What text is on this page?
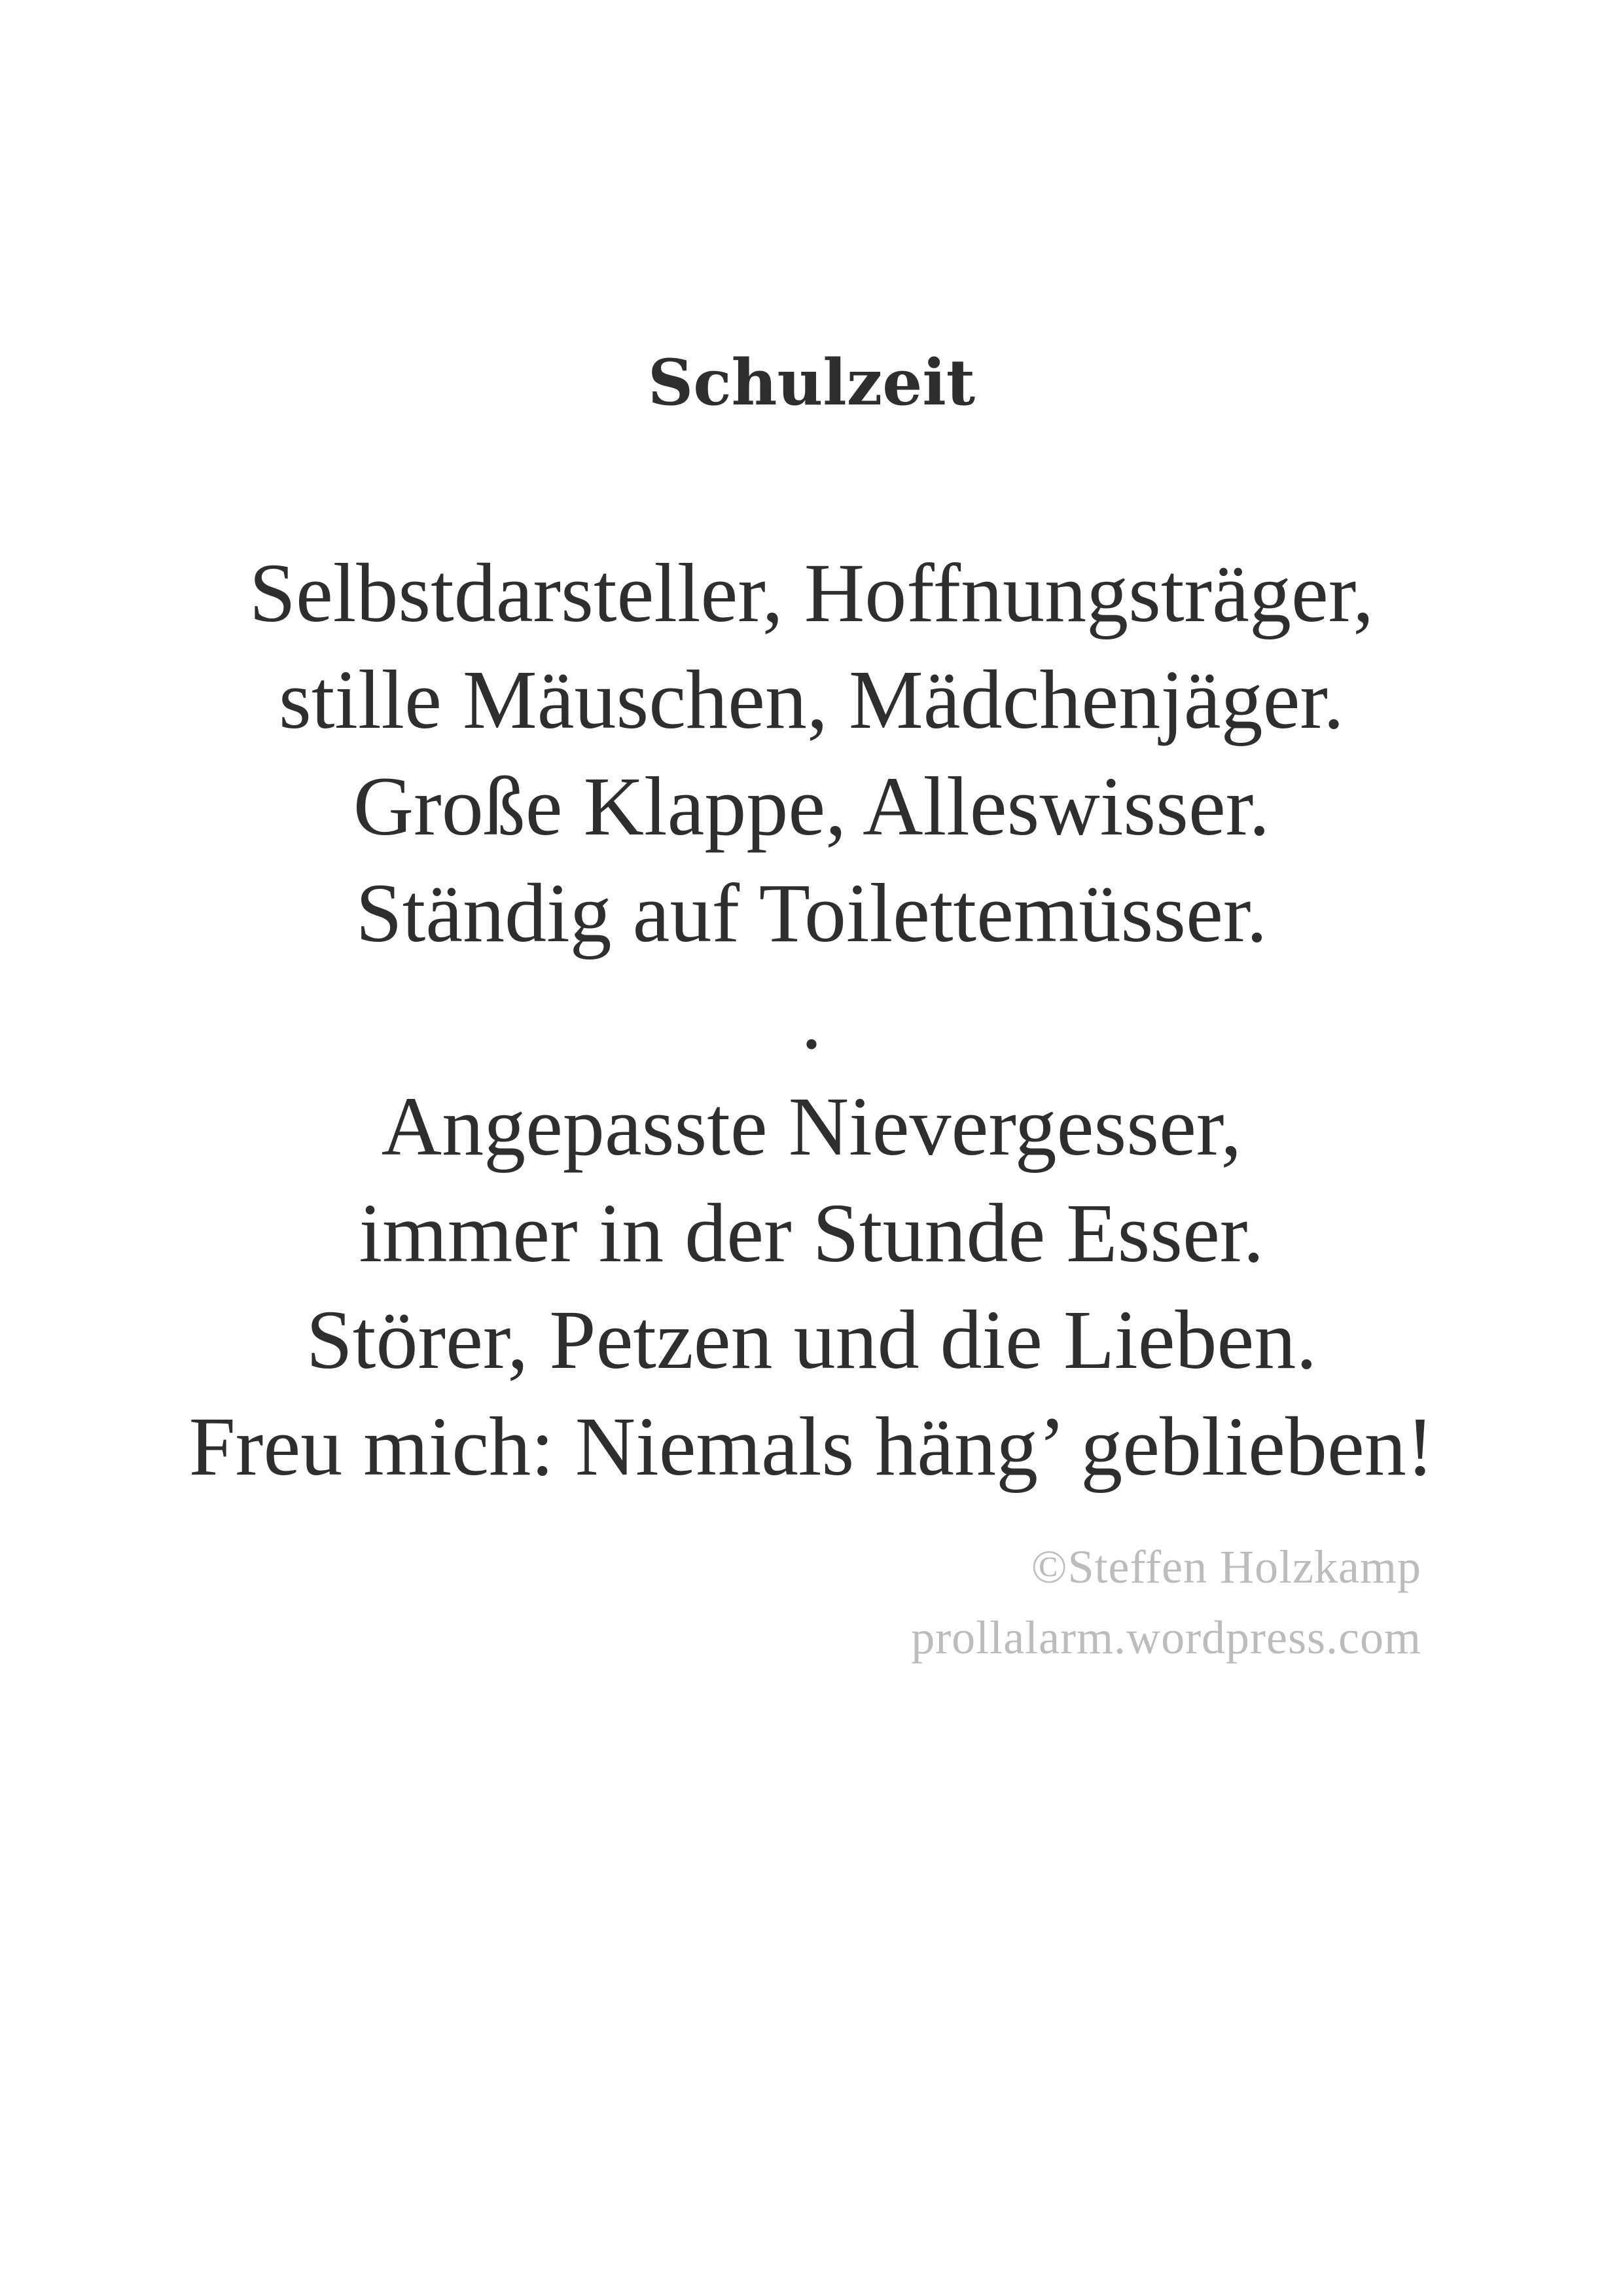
Schulzeit
Selbstdarsteller, Hoffnungsträger,
stille Mäuschen, Mädchenjäger.
Große Klappe, Alleswisser.
Ständig auf Toilettemüsser.
.
Angepasste Nievergesser,
immer in der Stunde Esser.
Störer, Petzen und die Lieben.
Freu mich: Niemals häng’ geblieben!
©Steffen Holzkamp
prollalarm.wordpress.com
